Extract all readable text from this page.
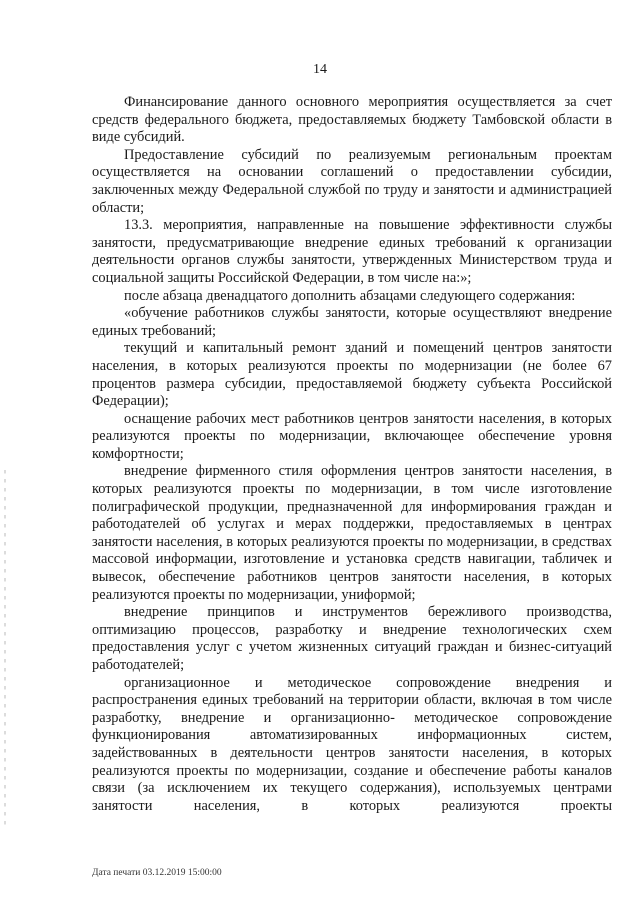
14

Финансирование данного основного мероприятия осуществляется за счет средств федерального бюджета, предоставляемых бюджету Тамбовской области в виде субсидий.

Предоставление субсидий по реализуемым региональным проектам осуществляется на основании соглашений о предоставлении субсидии, заключенных между Федеральной службой по труду и занятости и администрацией области;

13.3. мероприятия, направленные на повышение эффективности службы занятости, предусматривающие внедрение единых требований к организации деятельности органов службы занятости, утвержденных Министерством труда и социальной защиты Российской Федерации, в том числе на:»;

после абзаца двенадцатого дополнить абзацами следующего содержания:

«обучение работников службы занятости, которые осуществляют внедрение единых требований;

текущий и капитальный ремонт зданий и помещений центров занятости населения, в которых реализуются проекты по модернизации (не более 67 процентов размера субсидии, предоставляемой бюджету субъекта Российской Федерации);

оснащение рабочих мест работников центров занятости населения, в которых реализуются проекты по модернизации, включающее обеспечение уровня комфортности;

внедрение фирменного стиля оформления центров занятости населения, в которых реализуются проекты по модернизации, в том числе изготовление полиграфической продукции, предназначенной для информирования граждан и работодателей об услугах и мерах поддержки, предоставляемых в центрах занятости населения, в которых реализуются проекты по модернизации, в средствах массовой информации, изготовление и установка средств навигации, табличек и вывесок, обеспечение работников центров занятости населения, в которых реализуются проекты по модернизации, униформой;

внедрение принципов и инструментов бережливого производства, оптимизацию процессов, разработку и внедрение технологических схем предоставления услуг с учетом жизненных ситуаций граждан и бизнес-ситуаций работодателей;

организационное и методическое сопровождение внедрения и распространения единых требований на территории области, включая в том числе разработку, внедрение и организационно- методическое сопровождение функционирования автоматизированных информационных систем, задействованных в деятельности центров занятости населения, в которых реализуются проекты по модернизации, создание и обеспечение работы каналов связи (за исключением их текущего содержания), используемых центрами занятости населения, в которых реализуются проекты

Дата печати 03.12.2019 15:00:00
